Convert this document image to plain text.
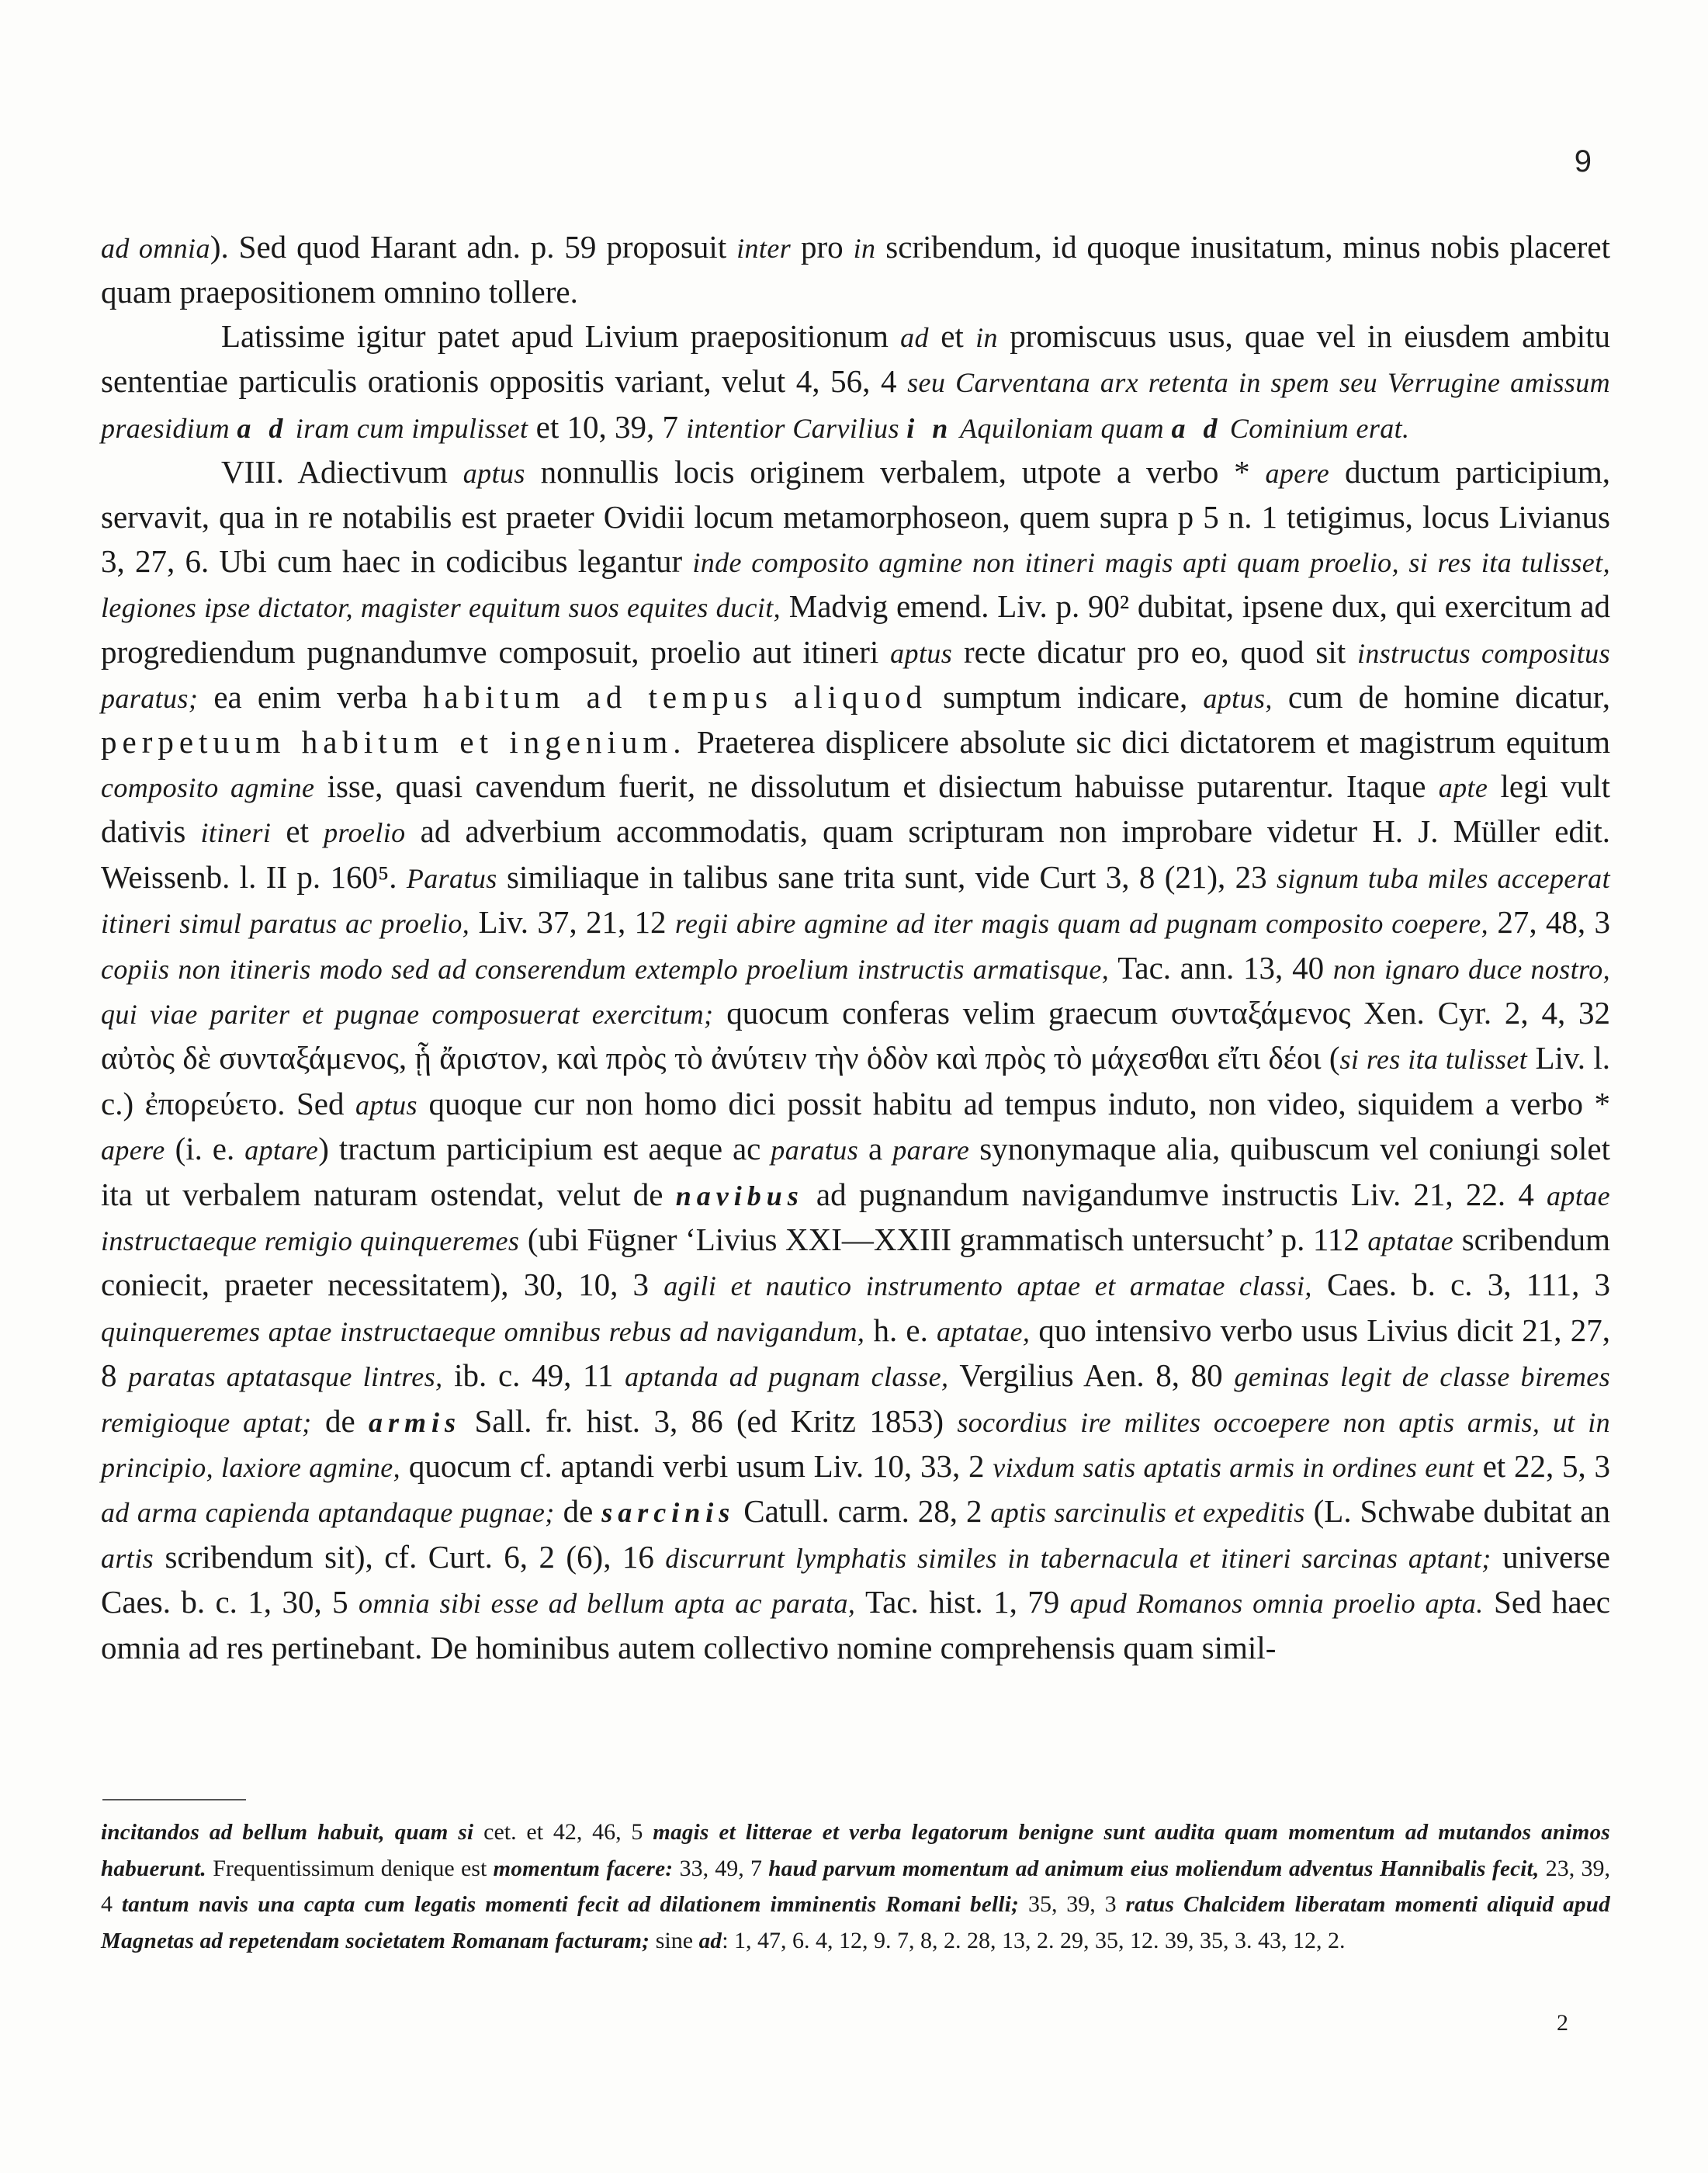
9

ad omnia). Sed quod Harant adn. p. 59 proposuit inter pro in scribendum, id quoque inusitatum, minus nobis placeret quam praepositionem omnino tollere.

Latissime igitur patet apud Livium praepositionum ad et in promiscuus usus, quae vel in eiusdem ambitu sententiae particulis orationis oppositis variant, velut 4, 56, 4 seu Carventana arx retenta in spem seu Verrugine amissum praesidium a d iram cum impulisset et 10, 39, 7 intentior Carvilius i n Aquiloniam quam a d Cominium erat.

VIII. Adiectivum aptus nonnullis locis originem verbalem, utpote a verbo * apere ductum participium, servavit, qua in re notabilis est praeter Ovidii locum metamorphoseon, quem supra p 5 n. 1 tetigimus, locus Livianus 3, 27, 6. Ubi cum haec in codicibus legantur inde composito agmine non itineri magis apti quam proelio, si res ita tulisset, legiones ipse dictator, magister equitum suos equites ducit, Madvig emend. Liv. p. 90² dubitat, ipsene dux, qui exercitum ad progrediendum pugnandumve composuit, proelio aut itineri aptus recte dicatur pro eo, quod sit instructus compositus paratus; ea enim verba habitum ad tempus aliquod sumptum indicare, aptus, cum de homine dicatur, perpetuum habitum et ingenium. Praeterea displicere absolute sic dici dictatorem et magistrum equitum composito agmine isse, quasi cavendum fuerit, ne dissolutum et disiectum habuisse putarentur. Itaque apte legi vult dativis itineri et proelio ad adverbium accommodatis, quam scripturam non improbare videtur H. J. Müller edit. Weissenb. l. II p. 160⁵. Paratus similiaque in talibus sane trita sunt, vide Curt 3, 8 (21), 23 signum tuba miles acceperat itineri simul paratus ac proelio, Liv. 37, 21, 12 regii abire agmine ad iter magis quam ad pugnam composito coepere, 27, 48, 3 copiis non itineris modo sed ad conserendum extemplo proelium instructis armatisque, Tac. ann. 13, 40 non ignaro duce nostro, qui viae pariter et pugnae composuerat exercitum; quocum conferas velim graecum συνταξάμενος Xen. Cyr. 2, 4, 32 αὐτὸς δὲ συνταξάμενος, ᾗ ἄριστον, καὶ πρὸς τὸ ἀνύτειν τὴν ὁδὸν καὶ πρὸς τὸ μάχεσθαι εἴτι δέοι (si res ita tulisset Liv. l. c.) ἐπορεύετο. Sed aptus quoque cur non homo dici possit habitu ad tempus induto, non video, siquidem a verbo * apere (i. e. aptare) tractum participium est aeque ac paratus a parare synonymaque alia, quibuscum vel coniungi solet ita ut verbalem naturam ostendat, velut de navibus ad pugnandum navigandumve instructis Liv. 21, 22. 4 aptae instructaeque remigio quinqueremes (ubi Fügner ‘Livius XXI—XXIII grammatisch untersucht’ p. 112 aptatae scribendum coniecit, praeter necessitatem), 30, 10, 3 agili et nautico instrumento aptae et armatae classi, Caes. b. c. 3, 111, 3 quinqueremes aptae instructaeque omnibus rebus ad navigandum, h. e. aptatae, quo intensivo verbo usus Livius dicit 21, 27, 8 paratas aptatasque lintres, ib. c. 49, 11 aptanda ad pugnam classe, Vergilius Aen. 8, 80 geminas legit de classe biremes remigioque aptat; de armis Sall. fr. hist. 3, 86 (ed Kritz 1853) socordius ire milites occoepere non aptis armis, ut in principio, laxiore agmine, quocum cf. aptandi verbi usum Liv. 10, 33, 2 vixdum satis aptatis armis in ordines eunt et 22, 5, 3 ad arma capienda aptandaque pugnae; de sarcinis Catull. carm. 28, 2 aptis sarcinulis et expeditis (L. Schwabe dubitat an artis scribendum sit), cf. Curt. 6, 2 (6), 16 discurrunt lymphatis similes in tabernacula et itineri sarcinas aptant; universe Caes. b. c. 1, 30, 5 omnia sibi esse ad bellum apta ac parata, Tac. hist. 1, 79 apud Romanos omnia proelio apta. Sed haec omnia ad res pertinebant. De hominibus autem collectivo nomine comprehensis quam simil-

incitandos ad bellum habuit, quam si cet. et 42, 46, 5 magis et litterae et verba legatorum benigne sunt audita quam momentum ad mutandos animos habuerunt. Frequentissimum denique est momentum facere: 33, 49, 7 haud parvum momentum ad animum eius moliendum adventus Hannibalis fecit, 23, 39, 4 tantum navis una capta cum legatis momenti fecit ad dilationem imminentis Romani belli; 35, 39, 3 ratus Chalcidem liberatam momenti aliquid apud Magnetas ad repetendam societatem Romanam facturam; sine ad: 1, 47, 6. 4, 12, 9. 7, 8, 2. 28, 13, 2. 29, 35, 12. 39, 35, 3. 43, 12, 2.

2
